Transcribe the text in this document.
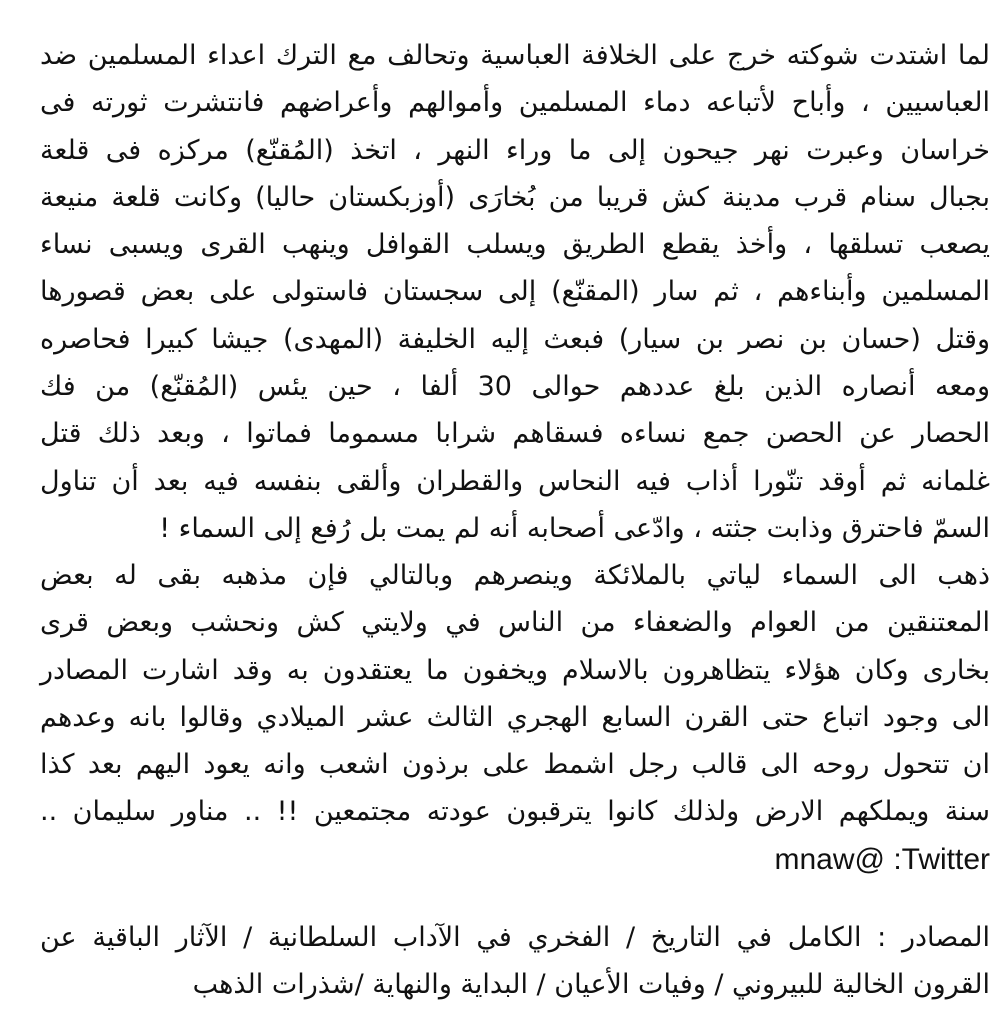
لما اشتدت شوكته خرج على الخلافة العباسية وتحالف مع الترك اعداء المسلمين ضد
العباسيين ، وأباح لأتباعه دماء المسلمين وأموالهم وأعراضهم فانتشرت ثورته فى
خراسان وعبرت نهر جيحون إلى ما وراء النهر ، اتخذ (المُقنّع) مركزه فى قلعة
بجبال سنام قرب مدينة كش قريبا من بُخارَى (أوزبكستان حاليا) وكانت قلعة منيعة
يصعب تسلقها ، وأخذ يقطع الطريق ويسلب القوافل وينهب القرى ويسبى نساء
المسلمين وأبناءهم ، ثم سار (المقنّع) إلى سجستان فاستولى على بعض قصورها
وقتل (حسان بن نصر بن سيار) فبعث إليه الخليفة (المهدى) جيشا كبيرا فحاصره
ومعه أنصاره الذين بلغ عددهم حوالى 30 ألفا ، حين يئس (المُقنّع) من فك
الحصار عن الحصن جمع نساءه فسقاهم شرابا مسموما فماتوا ، وبعد ذلك قتل
غلمانه ثم أوقد تنّورا أذاب فيه النحاس والقطران وألقى بنفسه فيه بعد أن تناول
السمّ فاحترق وذابت جثته ، وادّعى أصحابه أنه لم يمت بل رُفع إلى السماء !
ذهب الى السماء لياتي بالملائكة وينصرهم وبالتالي فإن مذهبه بقى له بعض
المعتنقين من العوام والضعفاء من الناس في ولايتي كش ونحشب وبعض قرى
بخارى وكان هؤلاء يتظاهرون بالاسلام ويخفون ما يعتقدون به وقد اشارت المصادر
الى وجود اتباع حتى القرن السابع الهجري الثالث عشر الميلادي وقالوا بانه وعدهم
ان تتحول روحه الى قالب رجل اشمط على برذون اشعب وانه يعود اليهم بعد كذا
سنة ويملكهم الارض ولذلك كانوا يترقبون عودته مجتمعين !! .. مناور سليمان ..
mnaw@ :Twitter
المصادر : الكامل في التاريخ / الفخري في الآداب السلطانية / الآثار الباقية عن
القرون الخالية للبيروني / وفيات الأعيان / البداية والنهاية /شذرات الذهب
